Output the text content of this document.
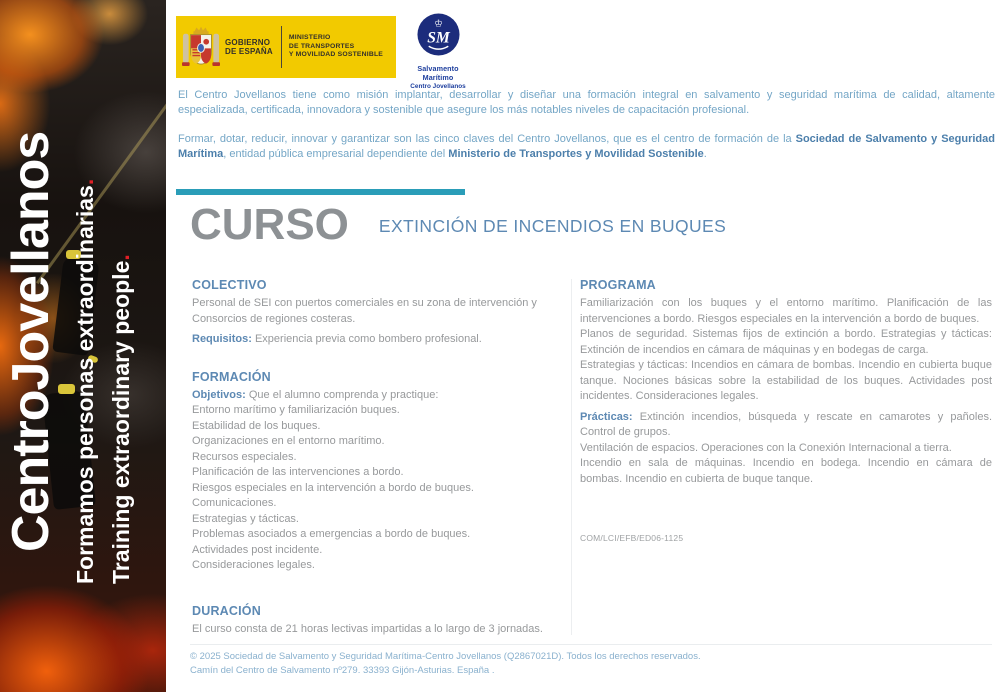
CentroJovellanos Formamos personas extraordinarias.
Training extraordinary people.
GOBIERNO
DE ESPAÑA
MINISTERIO
DE TRANSPORTES
Y MOVILIDAD SOSTENIBLE
♔
SM
Salvamento Marítimo
Centro Jovellanos

El Centro Jovellanos tiene como misión implantar, desarrollar y diseñar una formación integral en salvamento y seguridad marítima de calidad, altamente especializada, certificada, innovadora y sostenible que asegure los más notables niveles de capacitación profesional.

Formar, dotar, reducir, innovar y garantizar son las cinco claves del Centro Jovellanos, que es el centro de formación de la Sociedad de Salvamento y Seguridad Marítima, entidad pública empresarial dependiente del Ministerio de Transportes y Movilidad Sostenible.

CURSO EXTINCIÓN DE INCENDIOS EN BUQUES
COLECTIVO

Personal de SEI con puertos comerciales en su zona de intervención y Consorcios de regiones costeras.

Requisitos: Experiencia previa como bombero profesional.

FORMACIÓN

Objetivos: Que el alumno comprenda y practique:

Entorno marítimo y familiarización buques.
Estabilidad de los buques.
Organizaciones en el entorno marítimo.
Recursos especiales.
Planificación de las intervenciones a bordo.
Riesgos especiales en la intervención a bordo de buques.
Comunicaciones.
Estrategias y tácticas.
Problemas asociados a emergencias a bordo de buques.
Actividades post incidente.
Consideraciones legales.
DURACIÓN

El curso consta de 21 horas lectivas impartidas a lo largo de 3 jornadas.

PROGRAMA

Familiarización con los buques y el entorno marítimo. Planificación de las intervenciones a bordo. Riesgos especiales en la intervención a bordo de buques.

Planos de seguridad. Sistemas fijos de extinción a bordo. Estrategias y tácticas: Extinción de incendios en cámara de máquinas y en bodegas de carga.

Estrategias y tácticas: Incendios en cámara de bombas. Incendio en cubierta buque tanque. Nociones básicas sobre la estabilidad de los buques. Actividades post incidentes. Consideraciones legales.

Prácticas: Extinción incendios, búsqueda y rescate en camarotes y pañoles. Control de grupos.

Ventilación de espacios. Operaciones con la Conexión Internacional a tierra.

Incendio en sala de máquinas. Incendio en bodega. Incendio en cámara de bombas. Incendio en cubierta de buque tanque.

COM/LCI/EFB/ED06-1125
© 2025 Sociedad de Salvamento y Seguridad Marítima-Centro Jovellanos (Q2867021D). Todos los derechos reservados.
Camín del Centro de Salvamento nº279. 33393 Gijón-Asturias. España .
